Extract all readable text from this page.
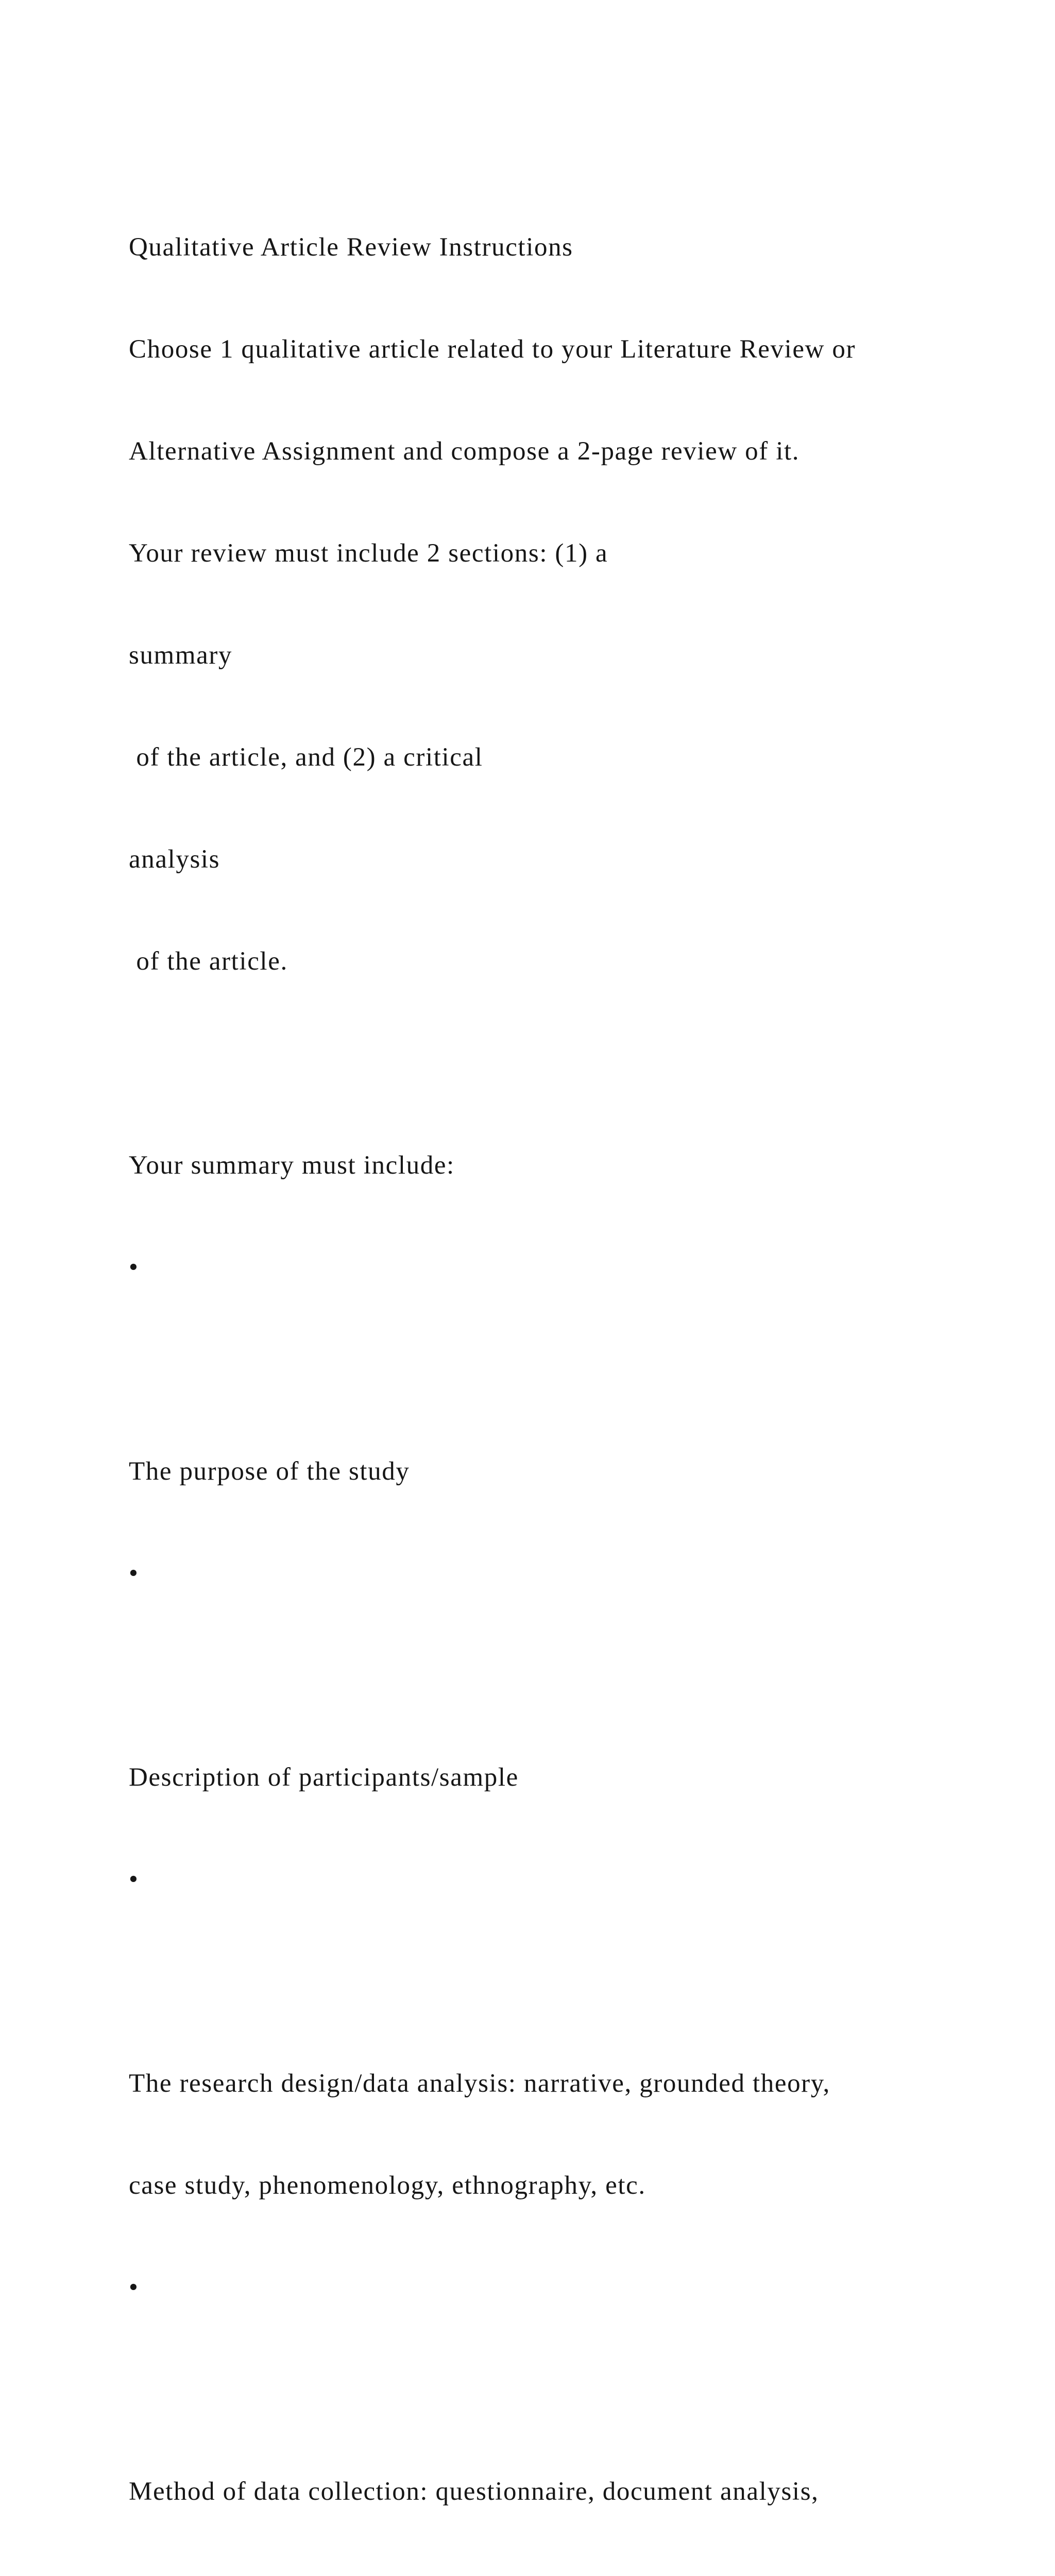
Qualitative Article Review Instructions

Choose 1 qualitative article related to your Literature Review or

Alternative Assignment and compose a 2-page review of it.

Your review must include 2 sections: (1) a

summary

of the article, and (2) a critical

analysis

of the article.

Your summary must include:

•

The purpose of the study

•

Description of participants/sample

•

The research design/data analysis: narrative, grounded theory,

case study, phenomenology, ethnography, etc.

•

Method of data collection: questionnaire, document analysis,
